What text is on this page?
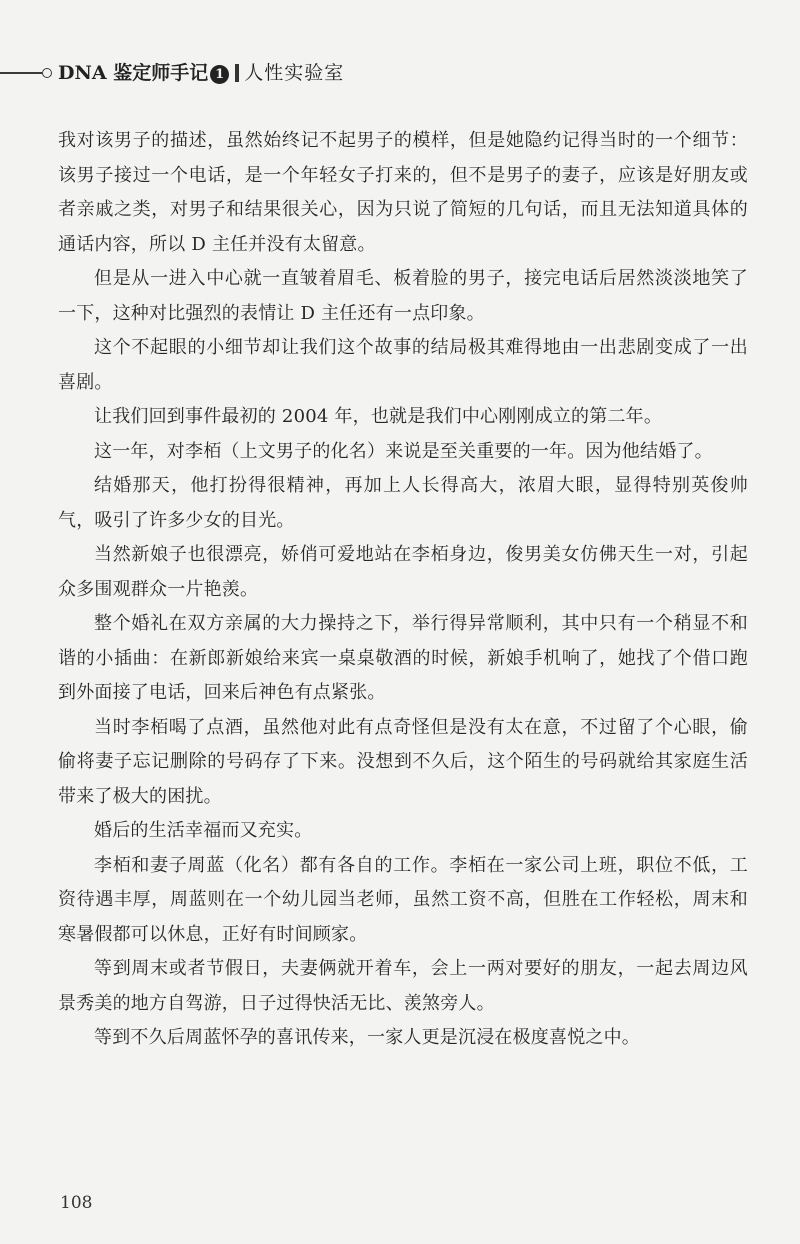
DNA 鉴定师手记 1 人性实验室

我对该男子的描述，虽然始终记不起男子的模样，但是她隐约记得当时的一个细节：该男子接过一个电话，是一个年轻女子打来的，但不是男子的妻子，应该是好朋友或者亲戚之类，对男子和结果很关心，因为只说了简短的几句话，而且无法知道具体的通话内容，所以 D 主任并没有太留意。

但是从一进入中心就一直皱着眉毛、板着脸的男子，接完电话后居然淡淡地笑了一下，这种对比强烈的表情让 D 主任还有一点印象。

这个不起眼的小细节却让我们这个故事的结局极其难得地由一出悲剧变成了一出喜剧。

让我们回到事件最初的 2004 年，也就是我们中心刚刚成立的第二年。

这一年，对李栢（上文男子的化名）来说是至关重要的一年。因为他结婚了。

结婚那天，他打扮得很精神，再加上人长得高大，浓眉大眼，显得特别英俊帅气，吸引了许多少女的目光。

当然新娘子也很漂亮，娇俏可爱地站在李栢身边，俊男美女仿佛天生一对，引起众多围观群众一片艳羡。

整个婚礼在双方亲属的大力操持之下，举行得异常顺利，其中只有一个稍显不和谐的小插曲：在新郎新娘给来宾一桌桌敬酒的时候，新娘手机响了，她找了个借口跑到外面接了电话，回来后神色有点紧张。

当时李栢喝了点酒，虽然他对此有点奇怪但是没有太在意，不过留了个心眼，偷偷将妻子忘记删除的号码存了下来。没想到不久后，这个陌生的号码就给其家庭生活带来了极大的困扰。

婚后的生活幸福而又充实。

李栢和妻子周蓝（化名）都有各自的工作。李栢在一家公司上班，职位不低，工资待遇丰厚，周蓝则在一个幼儿园当老师，虽然工资不高，但胜在工作轻松，周末和寒暑假都可以休息，正好有时间顾家。

等到周末或者节假日，夫妻俩就开着车，会上一两对要好的朋友，一起去周边风景秀美的地方自驾游，日子过得快活无比、羡煞旁人。

等到不久后周蓝怀孕的喜讯传来，一家人更是沉浸在极度喜悦之中。

108
